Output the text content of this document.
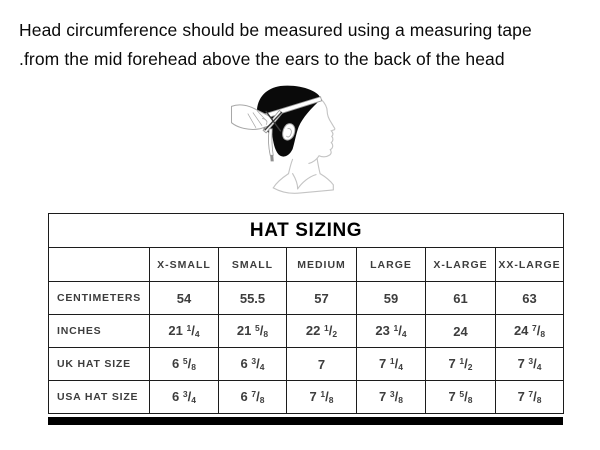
Head circumference should be measured using a measuring tape
.from the mid forehead above the ears to the back of the head
HAT SIZING						
	X-SMALL	SMALL	MEDIUM	LARGE	X-LARGE	XX-LARGE
CENTIMETERS	54	55.5	57	59	61	63
INCHES	21 $^1/_4$	21 $^5/_8$	22 $^1/_2$	23 $^1/_4$	24	24 $^7/_8$
UK HAT SIZE	6 $^5/_8$	6 $^3/_4$	7	7 $^1/_4$	7 $^1/_2$	7 $^3/_4$
USA HAT SIZE	6 $^3/_4$	6 $^7/_8$	7 $^1/_8$	7 $^3/_8$	7 $^5/_8$	7 $^7/_8$
